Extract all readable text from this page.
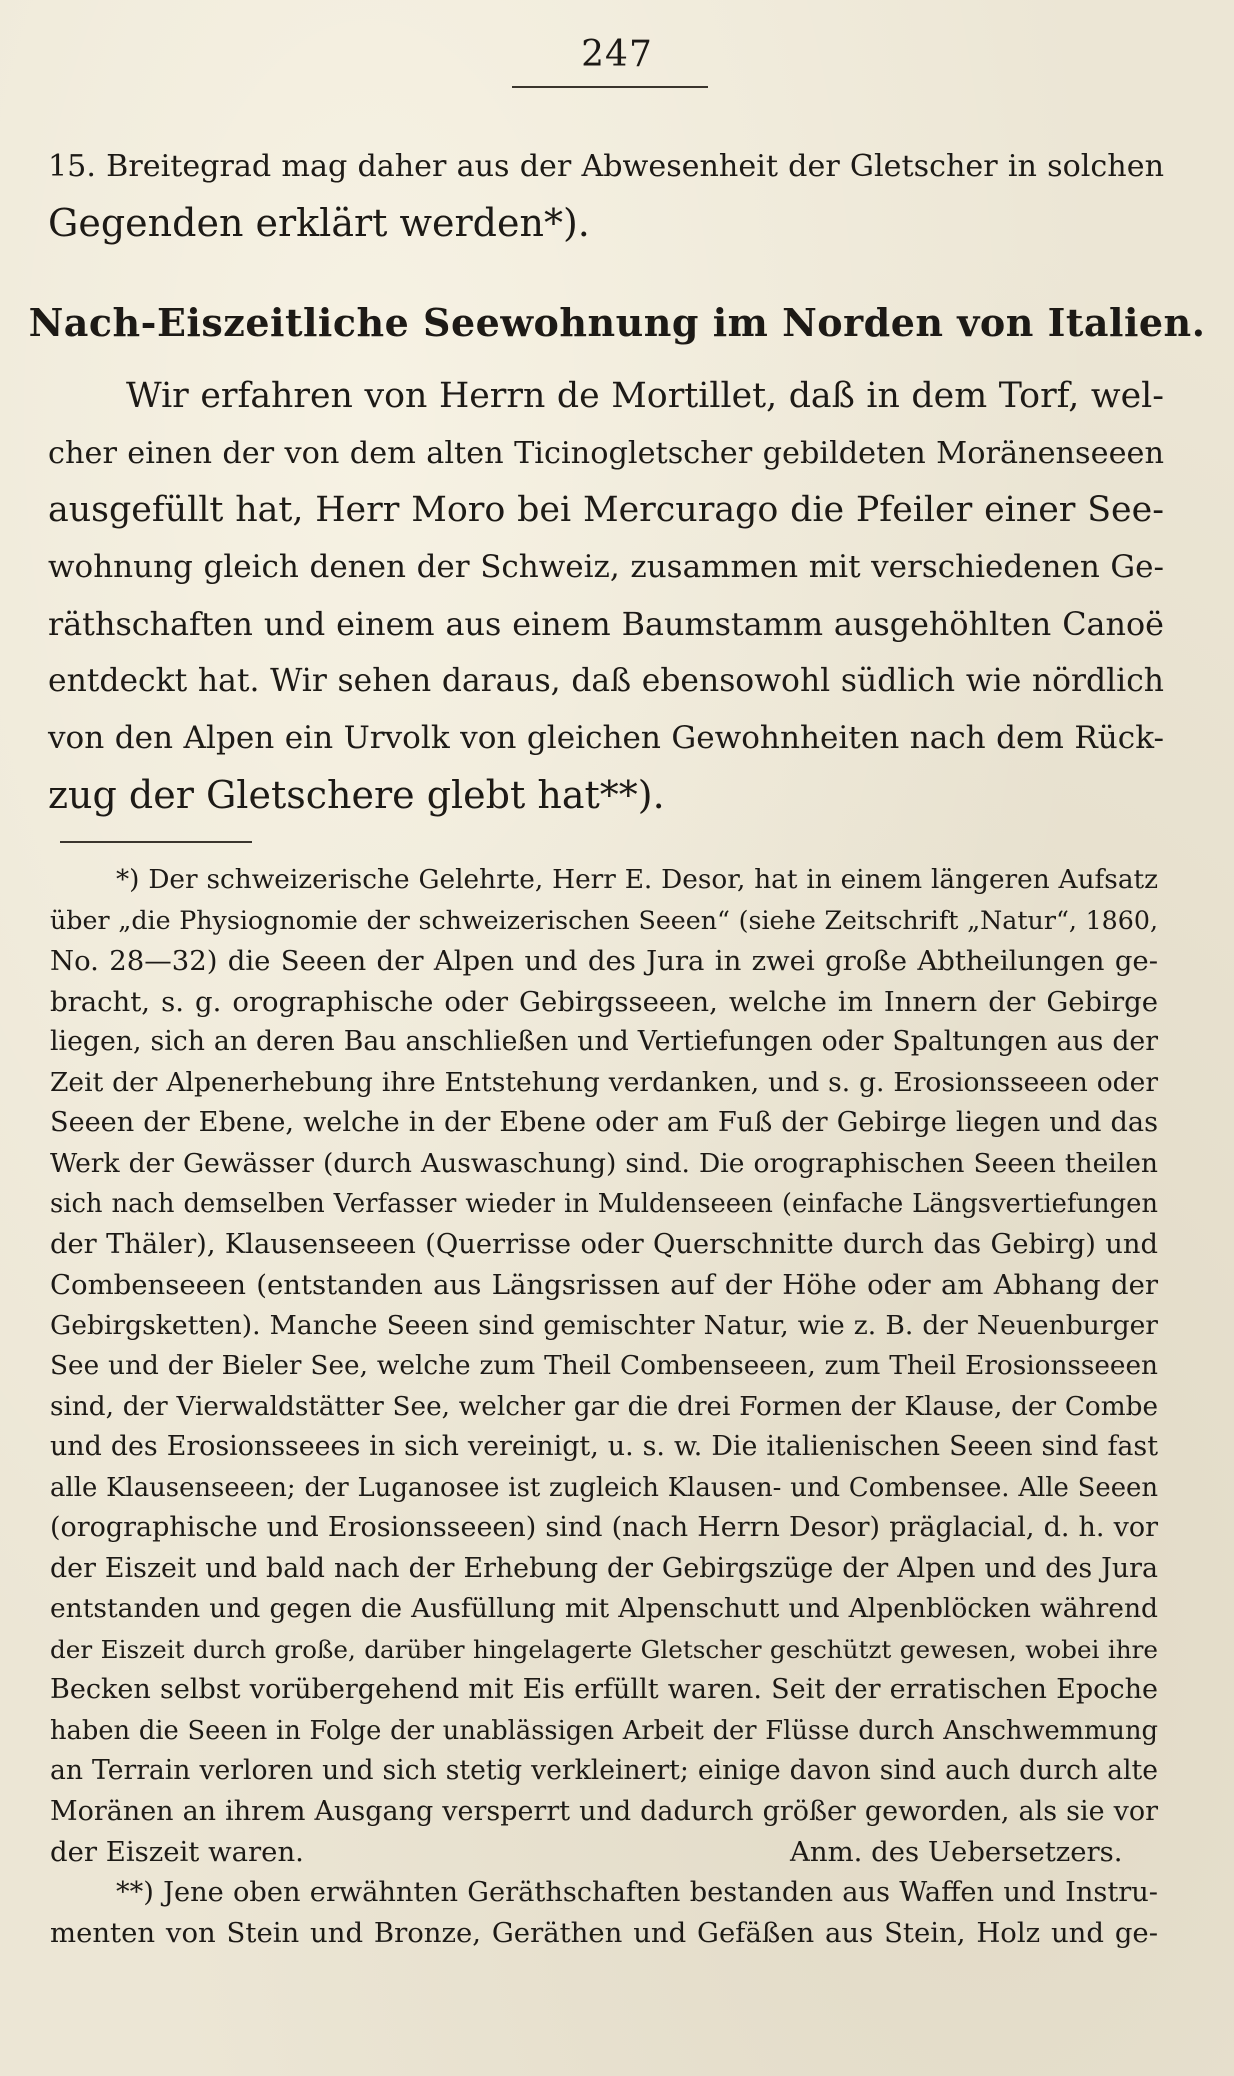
247
15. Breitegrad mag daher aus der Abwesenheit der Gletscher in solchen
Gegenden erklärt werden*).
Nach-Eiszeitliche Seewohnung im Norden von Italien.
Wir erfahren von Herrn de Mortillet, daß in dem Torf, wel-
cher einen der von dem alten Ticinogletscher gebildeten Moränenseeen
ausgefüllt hat, Herr Moro bei Mercurago die Pfeiler einer See-
wohnung gleich denen der Schweiz, zusammen mit verschiedenen Ge-
räthschaften und einem aus einem Baumstamm ausgehöhlten Canoë
entdeckt hat. Wir sehen daraus, daß ebensowohl südlich wie nördlich
von den Alpen ein Urvolk von gleichen Gewohnheiten nach dem Rück-
zug der Gletschere glebt hat**).
*) Der schweizerische Gelehrte, Herr E. Desor, hat in einem längeren Aufsatz
über „die Physiognomie der schweizerischen Seeen“ (siehe Zeitschrift „Natur“, 1860,
No. 28—32) die Seeen der Alpen und des Jura in zwei große Abtheilungen ge-
bracht, s. g. orographische oder Gebirgsseeen, welche im Innern der Gebirge
liegen, sich an deren Bau anschließen und Vertiefungen oder Spaltungen aus der
Zeit der Alpenerhebung ihre Entstehung verdanken, und s. g. Erosionsseeen oder
Seeen der Ebene, welche in der Ebene oder am Fuß der Gebirge liegen und das
Werk der Gewässer (durch Auswaschung) sind. Die orographischen Seeen theilen
sich nach demselben Verfasser wieder in Muldenseeen (einfache Längsvertiefungen
der Thäler), Klausenseeen (Querrisse oder Querschnitte durch das Gebirg) und
Combenseeen (entstanden aus Längsrissen auf der Höhe oder am Abhang der
Gebirgsketten). Manche Seeen sind gemischter Natur, wie z. B. der Neuenburger
See und der Bieler See, welche zum Theil Combenseeen, zum Theil Erosionsseeen
sind, der Vierwaldstätter See, welcher gar die drei Formen der Klause, der Combe
und des Erosionsseees in sich vereinigt, u. s. w. Die italienischen Seeen sind fast
alle Klausenseeen; der Luganosee ist zugleich Klausen- und Combensee. Alle Seeen
(orographische und Erosionsseeen) sind (nach Herrn Desor) präglacial, d. h. vor
der Eiszeit und bald nach der Erhebung der Gebirgszüge der Alpen und des Jura
entstanden und gegen die Ausfüllung mit Alpenschutt und Alpenblöcken während
der Eiszeit durch große, darüber hingelagerte Gletscher geschützt gewesen, wobei ihre
Becken selbst vorübergehend mit Eis erfüllt waren. Seit der erratischen Epoche
haben die Seeen in Folge der unablässigen Arbeit der Flüsse durch Anschwemmung
an Terrain verloren und sich stetig verkleinert; einige davon sind auch durch alte
Moränen an ihrem Ausgang versperrt und dadurch größer geworden, als sie vor
der Eiszeit waren.	Anm. des Uebersetzers.
**) Jene oben erwähnten Geräthschaften bestanden aus Waffen und Instru-
menten von Stein und Bronze, Geräthen und Gefäßen aus Stein, Holz und ge-
